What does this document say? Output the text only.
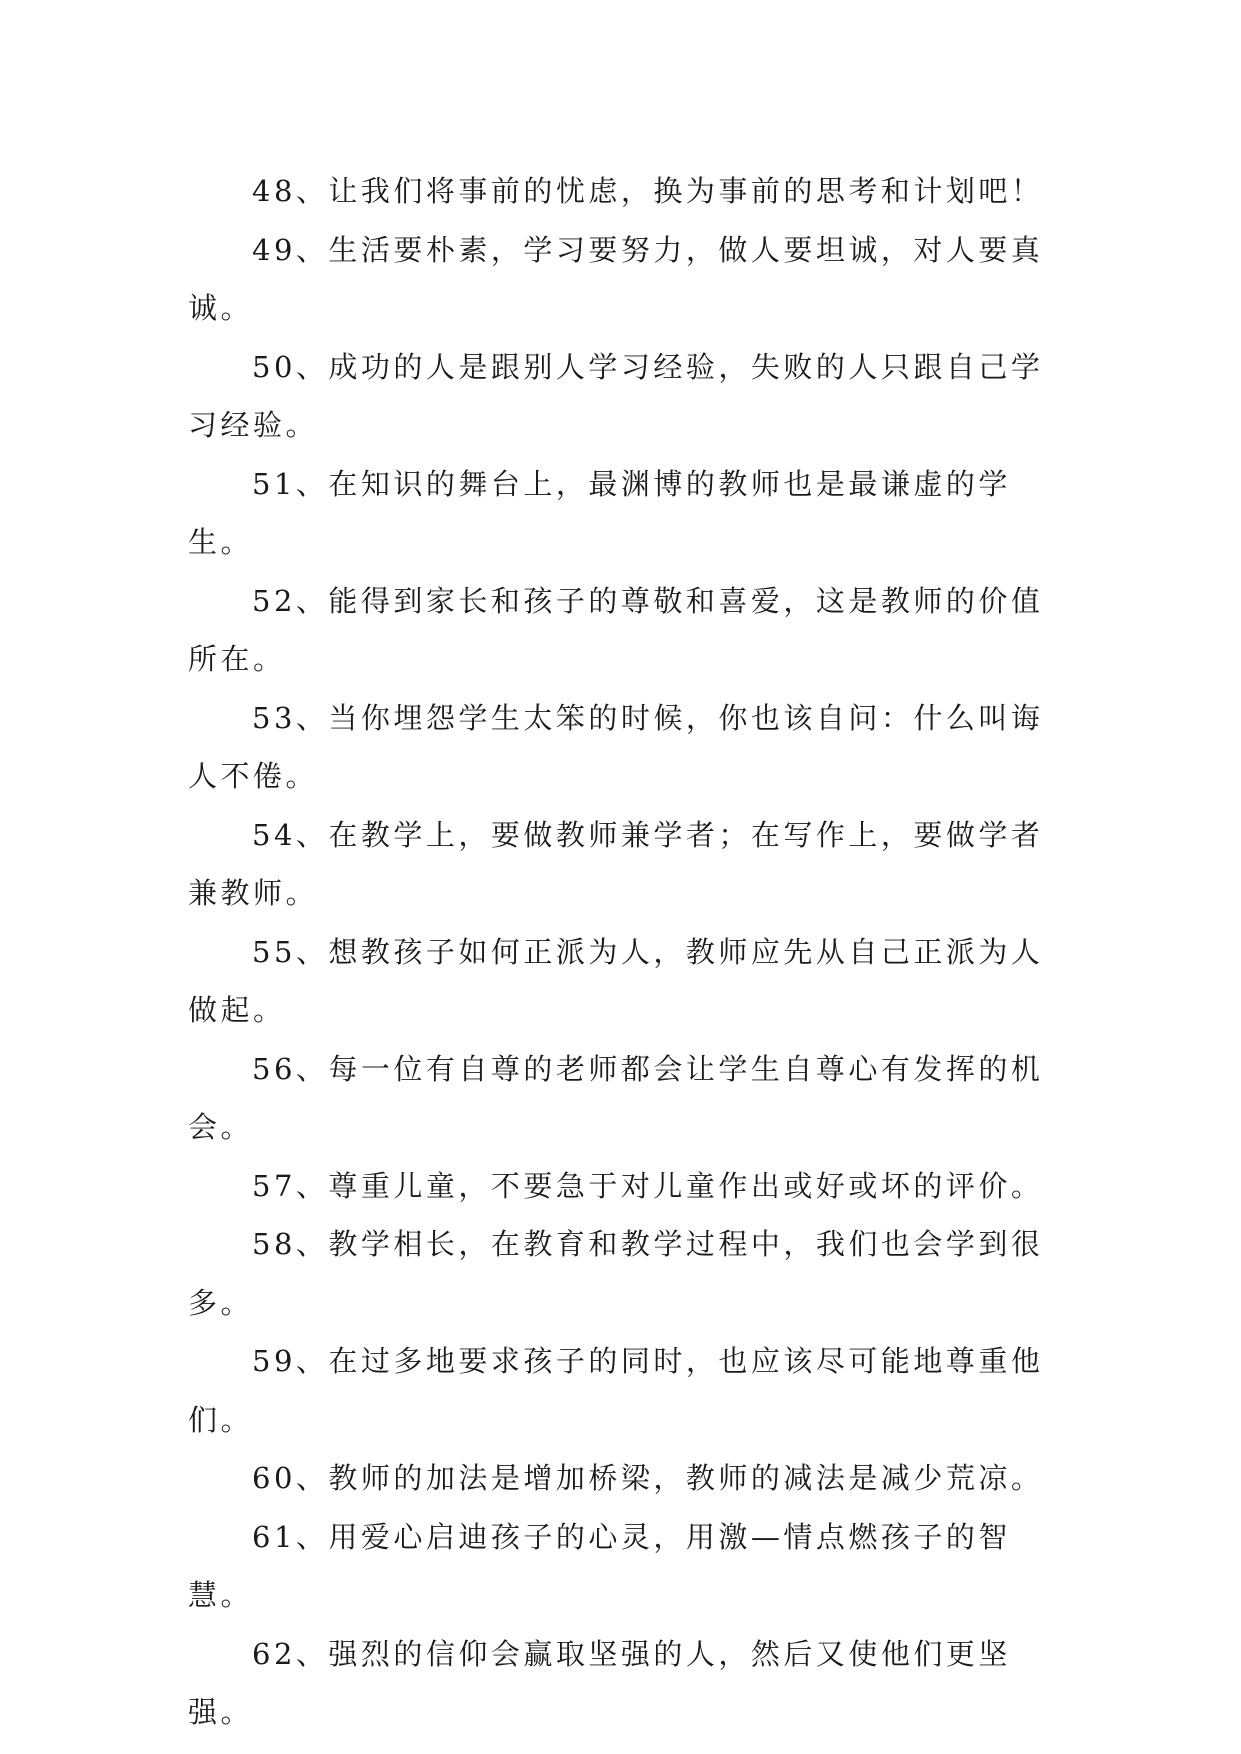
48、让我们将事前的忧虑，换为事前的思考和计划吧！

49、生活要朴素，学习要努力，做人要坦诚，对人要真诚。

50、成功的人是跟别人学习经验，失败的人只跟自己学习经验。

51、在知识的舞台上，最渊博的教师也是最谦虚的学生。

52、能得到家长和孩子的尊敬和喜爱，这是教师的价值所在。

53、当你埋怨学生太笨的时候，你也该自问：什么叫诲人不倦。

54、在教学上，要做教师兼学者；在写作上，要做学者兼教师。

55、想教孩子如何正派为人，教师应先从自己正派为人做起。

56、每一位有自尊的老师都会让学生自尊心有发挥的机会。

57、尊重儿童，不要急于对儿童作出或好或坏的评价。

58、教学相长，在教育和教学过程中，我们也会学到很多。

59、在过多地要求孩子的同时，也应该尽可能地尊重他们。

60、教师的加法是增加桥梁，教师的减法是减少荒凉。

61、用爱心启迪孩子的心灵，用激—情点燃孩子的智慧。

62、强烈的信仰会赢取坚强的人，然后又使他们更坚强。
